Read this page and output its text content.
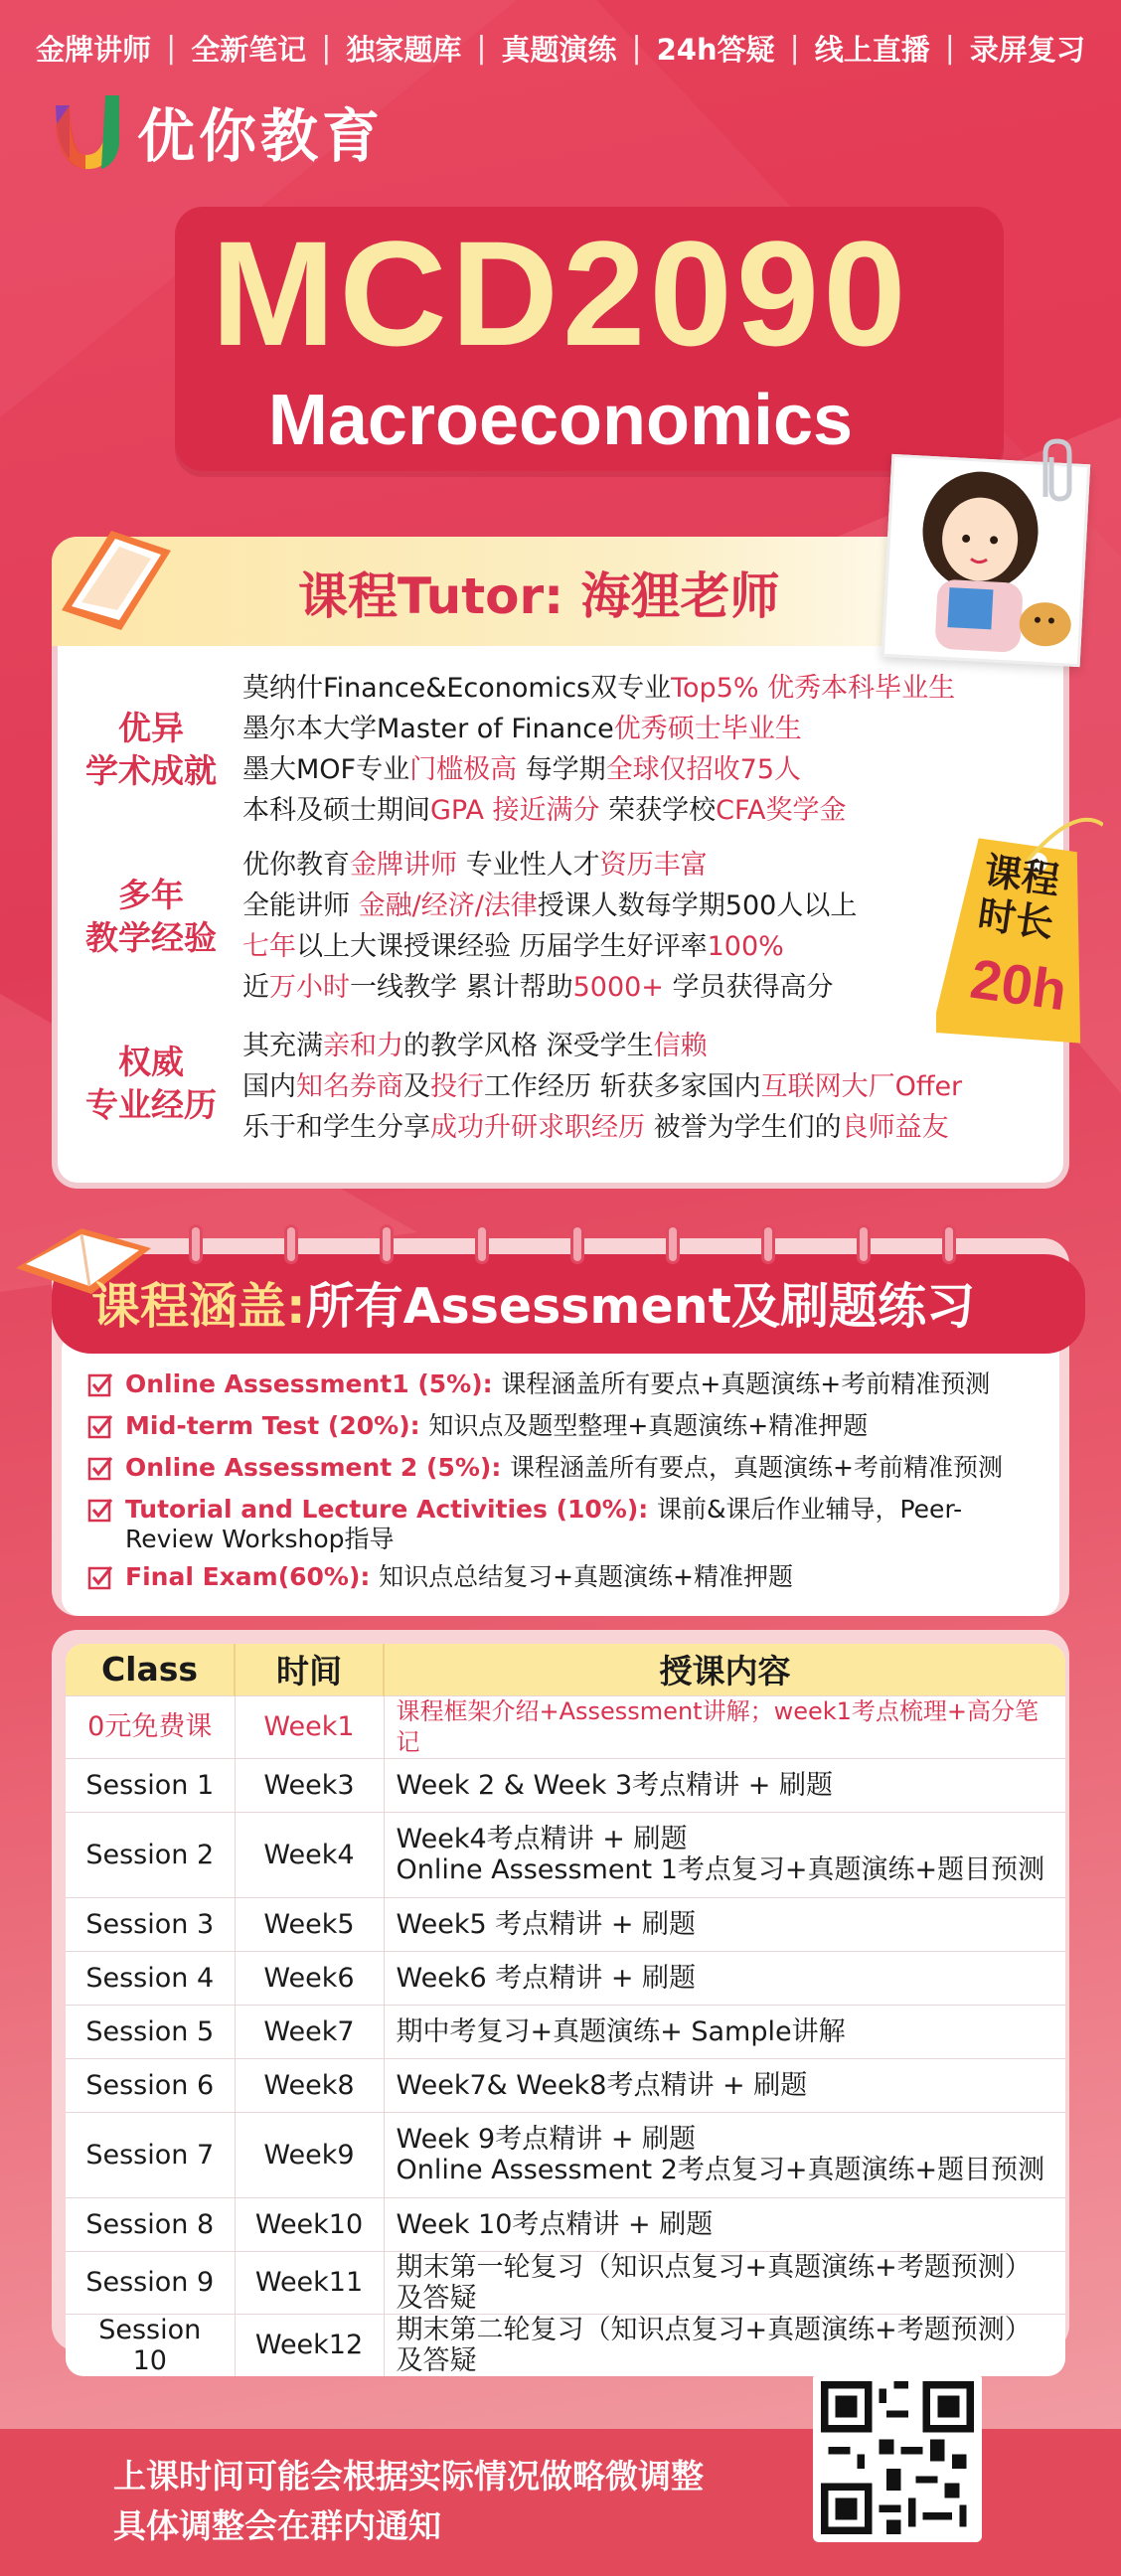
金牌讲师 | 全新笔记 | 独家题库 | 真题演练 | 24h答疑 | 线上直播 | 录屏复习
优你教育
MCD2090
Macroeconomics
课程Tutor: 海狸老师
优异
学术成就
莫纳什Finance&Economics双专业Top5% 优秀本科毕业生
墨尔本大学Master of Finance优秀硕士毕业生
墨大MOF专业门槛极高 每学期全球仅招收75人
本科及硕士期间GPA 接近满分 荣获学校CFA奖学金
多年
教学经验
优你教育金牌讲师 专业性人才资历丰富
全能讲师 金融/经济/法律授课人数每学期500人以上
七年以上大课授课经验 历届学生好评率100%
近万小时一线教学 累计帮助5000+ 学员获得高分
权威
专业经历
其充满亲和力的教学风格 深受学生信赖
国内知名券商及投行工作经历 斩获多家国内互联网大厂Offer
乐于和学生分享成功升研求职经历 被誉为学生们的良师益友
课程
时长
20h
课程涵盖:所有Assessment及刷题练习
Online Assessment1 (5%): 课程涵盖所有要点+真题演练+考前精准预测
Mid-term Test (20%): 知识点及题型整理+真题演练+精准押题
Online Assessment 2 (5%): 课程涵盖所有要点，真题演练+考前精准预测
Tutorial and Lecture Activities (10%): 课前&课后作业辅导，Peer-Review Workshop指导
Final Exam(60%): 知识点总结复习+真题演练+精准押题
Class	时间	授课内容
0元免费课	Week1	课程框架介绍+Assessment讲解；week1考点梳理+高分笔记

Session 1	Week3	Week 2 & Week 3考点精讲 + 刷题

Session 2	Week4	Week4考点精讲 + 刷题
Online Assessment 1考点复习+真题演练+题目预测

Session 3	Week5	Week5 考点精讲 + 刷题

Session 4	Week6	Week6 考点精讲 + 刷题

Session 5	Week7	期中考复习+真题演练+ Sample讲解

Session 6	Week8	Week7& Week8考点精讲 + 刷题

Session 7	Week9	Week 9考点精讲 + 刷题
Online Assessment 2考点复习+真题演练+题目预测

Session 8	Week10	Week 10考点精讲 + 刷题

Session 9	Week11	期末第一轮复习（知识点复习+真题演练+考题预测）及答疑

Session 10	Week12	期末第二轮复习（知识点复习+真题演练+考题预测）及答疑
上课时间可能会根据实际情况做略微调整
具体调整会在群内通知
